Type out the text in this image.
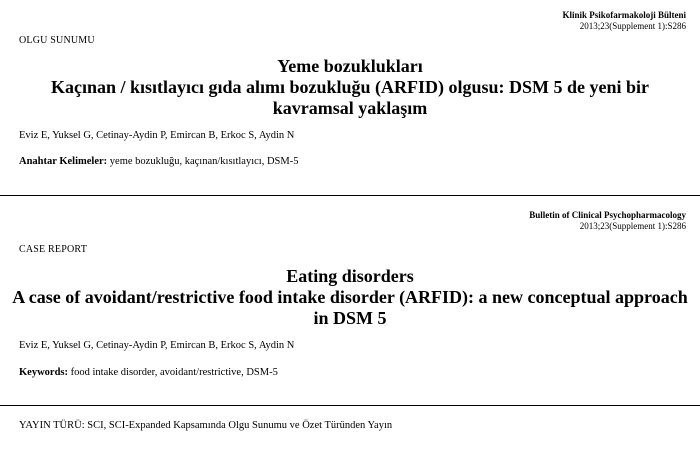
Klinik Psikofarmakoloji Bülteni
2013;23(Supplement 1):S286
OLGU SUNUMU
Yeme bozuklukları
Kaçınan / kısıtlayıcı gıda alımı bozukluğu (ARFID) olgusu: DSM 5 de yeni bir kavramsal yaklaşım
Eviz E, Yuksel G, Cetinay-Aydin P, Emircan B, Erkoc S, Aydin N
Anahtar Kelimeler: yeme bozukluğu, kaçınan/kısıtlayıcı, DSM-5
Bulletin of Clinical Psychopharmacology
2013;23(Supplement 1):S286
CASE REPORT
Eating disorders
A case of avoidant/restrictive food intake disorder (ARFID): a new conceptual approach in DSM 5
Eviz E, Yuksel G, Cetinay-Aydin P, Emircan B, Erkoc S, Aydin N
Keywords: food intake disorder, avoidant/restrictive, DSM-5
YAYIN TÜRÜ: SCI, SCI-Expanded Kapsamında Olgu Sunumu ve Özet Türünden Yayın
